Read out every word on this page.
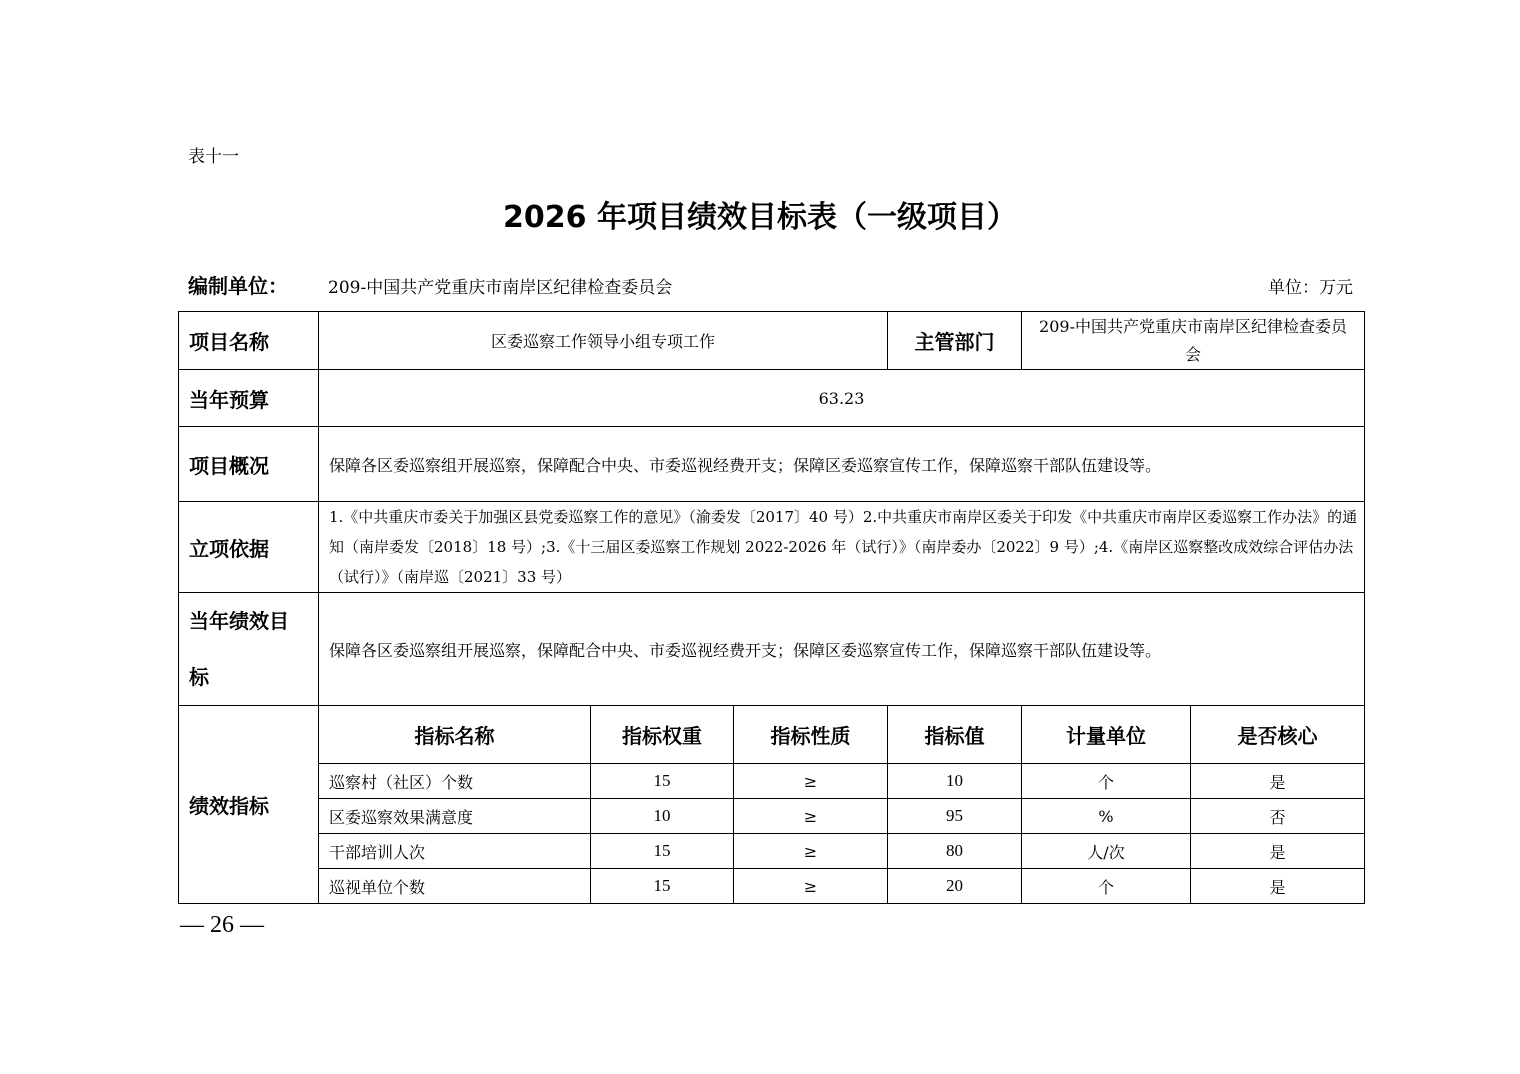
表十一
2026 年项目绩效目标表（一级项目）
编制单位： 209-中国共产党重庆市南岸区纪律检查委员会	单位：万元
项目名称	区委巡察工作领导小组专项工作			主管部门	209-中国共产党重庆市南岸区纪律检查委员会	
当年预算	63.23					
项目概况	保障各区委巡察组开展巡察，保障配合中央、市委巡视经费开支；保障区委巡察宣传工作，保障巡察干部队伍建设等。					
立项依据	1.《中共重庆市委关于加强区县党委巡察工作的意见》（渝委发〔2017〕40 号）2.中共重庆市南岸区委关于印发《中共重庆市南岸区委巡察工作办法》的通知（南岸委发〔2018〕18 号）;3.《十三届区委巡察工作规划 2022-2026 年（试行）》（南岸委办〔2022〕9 号）;4.《南岸区巡察整改成效综合评估办法（试行）》（南岸巡〔2021〕33 号）					
当年绩效目标	保障各区委巡察组开展巡察，保障配合中央、市委巡视经费开支；保障区委巡察宣传工作，保障巡察干部队伍建设等。					
绩效指标	指标名称	指标权重	指标性质	指标值	计量单位	是否核心
	巡察村（社区）个数	15	≥	10	个	是
	区委巡察效果满意度	10	≥	95	%	否
	干部培训人次	15	≥	80	人/次	是
	巡视单位个数	15	≥	20	个	是
— 26 —
